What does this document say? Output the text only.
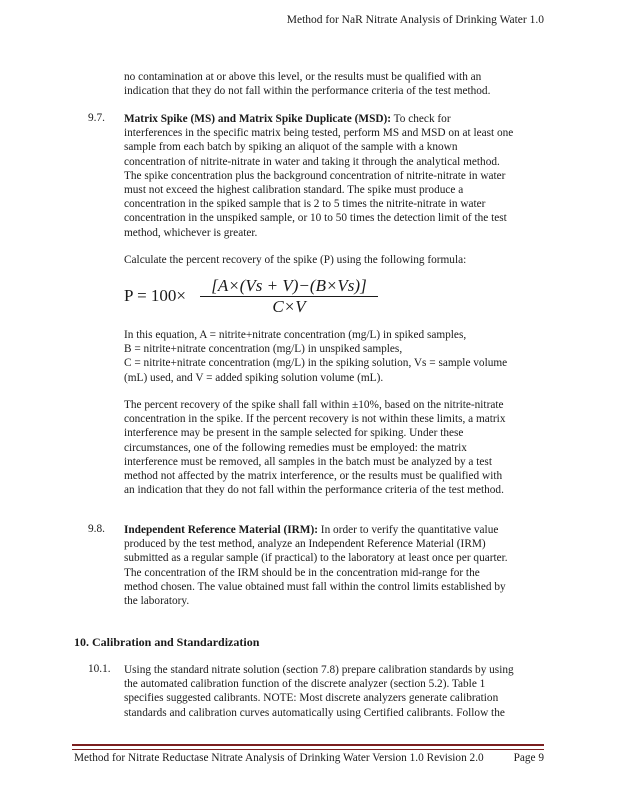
Method for NaR Nitrate Analysis of Drinking Water 1.0
no contamination at or above this level, or the results must be qualified with an
indication that they do not fall within the performance criteria of the test method.
9.7. Matrix Spike (MS) and Matrix Spike Duplicate (MSD): To check for
interferences in the specific matrix being tested, perform MS and MSD on at least one
sample from each batch by spiking an aliquot of the sample with a known
concentration of nitrite-nitrate in water and taking it through the analytical method.
The spike concentration plus the background concentration of nitrite-nitrate in water
must not exceed the highest calibration standard. The spike must produce a
concentration in the spiked sample that is 2 to 5 times the nitrite-nitrate in water
concentration in the unspiked sample, or 10 to 50 times the detection limit of the test
method, whichever is greater.
Calculate the percent recovery of the spike (P) using the following formula:
P = 100×
[A×(Vs + V)−(B×Vs)]
C×V
In this equation, A = nitrite+nitrate concentration (mg/L) in spiked samples,
B = nitrite+nitrate concentration (mg/L) in unspiked samples,
C = nitrite+nitrate concentration (mg/L) in the spiking solution, Vs = sample volume
(mL) used, and V = added spiking solution volume (mL).
The percent recovery of the spike shall fall within ±10%, based on the nitrite-nitrate
concentration in the spike. If the percent recovery is not within these limits, a matrix
interference may be present in the sample selected for spiking. Under these
circumstances, one of the following remedies must be employed: the matrix
interference must be removed, all samples in the batch must be analyzed by a test
method not affected by the matrix interference, or the results must be qualified with
an indication that they do not fall within the performance criteria of the test method.
9.8. Independent Reference Material (IRM): In order to verify the quantitative value
produced by the test method, analyze an Independent Reference Material (IRM)
submitted as a regular sample (if practical) to the laboratory at least once per quarter.
The concentration of the IRM should be in the concentration mid-range for the
method chosen. The value obtained must fall within the control limits established by
the laboratory.
10. Calibration and Standardization
10.1. Using the standard nitrate solution (section 7.8) prepare calibration standards by using
the automated calibration function of the discrete analyzer (section 5.2). Table 1
specifies suggested calibrants. NOTE: Most discrete analyzers generate calibration
standards and calibration curves automatically using Certified calibrants. Follow the
Method for Nitrate Reductase Nitrate Analysis of Drinking Water Version 1.0 Revision 2.0	Page 9
